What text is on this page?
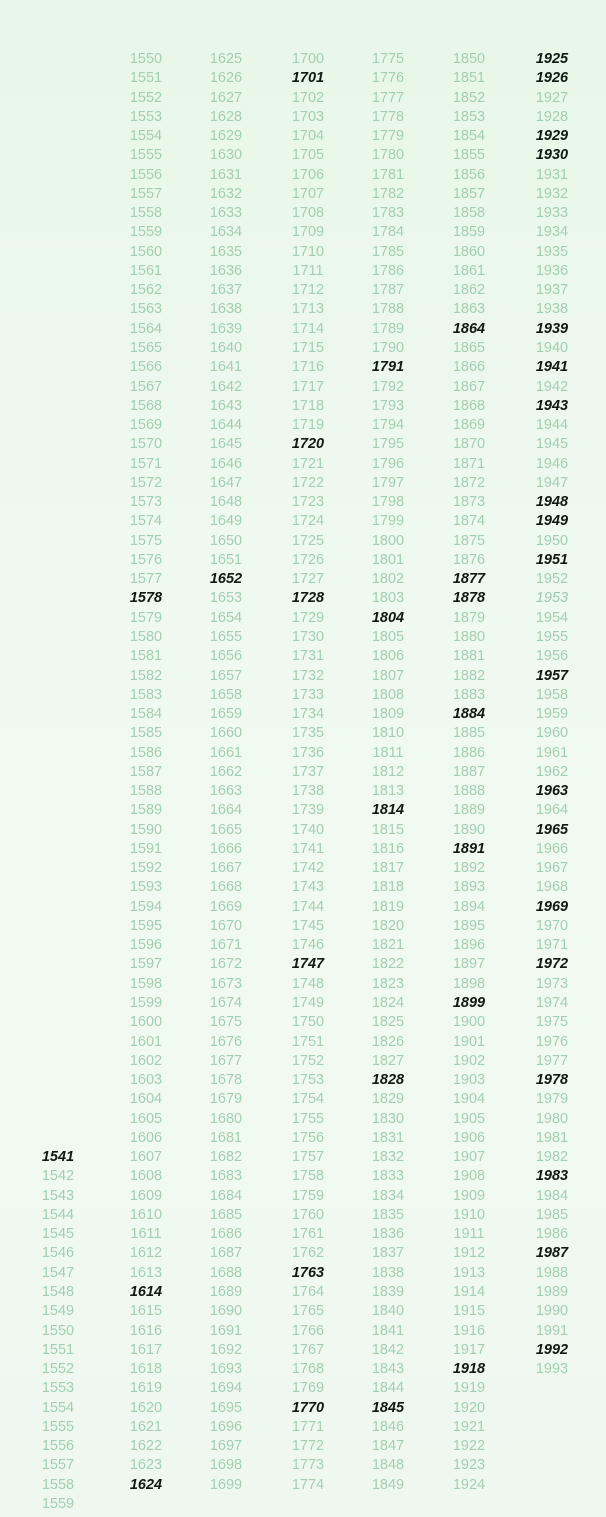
1541
1542
1543
1544
1545
1546
1547
1548
1549
1550
1551
1552
1553
1554
1555
1556
1557
1558
1559
1550
1551
1552
1553
1554
1555
1556
1557
1558
1559
1560
1561
1562
1563
1564
1565
1566
1567
1568
1569
1570
1571
1572
1573
1574
1575
1576
1577
1578
1579
1580
1581
1582
1583
1584
1585
1586
1587
1588
1589
1590
1591
1592
1593
1594
1595
1596
1597
1598
1599
1600
1601
1602
1603
1604
1605
1606
1607
1608
1609
1610
1611
1612
1613
1614
1615
1616
1617
1618
1619
1620
1621
1622
1623
1624
1625
1626
1627
1628
1629
1630
1631
1632
1633
1634
1635
1636
1637
1638
1639
1640
1641
1642
1643
1644
1645
1646
1647
1648
1649
1650
1651
1652
1653
1654
1655
1656
1657
1658
1659
1660
1661
1662
1663
1664
1665
1666
1667
1668
1669
1670
1671
1672
1673
1674
1675
1676
1677
1678
1679
1680
1681
1682
1683
1684
1685
1686
1687
1688
1689
1690
1691
1692
1693
1694
1695
1696
1697
1698
1699
1700
1701
1702
1703
1704
1705
1706
1707
1708
1709
1710
1711
1712
1713
1714
1715
1716
1717
1718
1719
1720
1721
1722
1723
1724
1725
1726
1727
1728
1729
1730
1731
1732
1733
1734
1735
1736
1737
1738
1739
1740
1741
1742
1743
1744
1745
1746
1747
1748
1749
1750
1751
1752
1753
1754
1755
1756
1757
1758
1759
1760
1761
1762
1763
1764
1765
1766
1767
1768
1769
1770
1771
1772
1773
1774
1775
1776
1777
1778
1779
1780
1781
1782
1783
1784
1785
1786
1787
1788
1789
1790
1791
1792
1793
1794
1795
1796
1797
1798
1799
1800
1801
1802
1803
1804
1805
1806
1807
1808
1809
1810
1811
1812
1813
1814
1815
1816
1817
1818
1819
1820
1821
1822
1823
1824
1825
1826
1827
1828
1829
1830
1831
1832
1833
1834
1835
1836
1837
1838
1839
1840
1841
1842
1843
1844
1845
1846
1847
1848
1849
1850
1851
1852
1853
1854
1855
1856
1857
1858
1859
1860
1861
1862
1863
1864
1865
1866
1867
1868
1869
1870
1871
1872
1873
1874
1875
1876
1877
1878
1879
1880
1881
1882
1883
1884
1885
1886
1887
1888
1889
1890
1891
1892
1893
1894
1895
1896
1897
1898
1899
1900
1901
1902
1903
1904
1905
1906
1907
1908
1909
1910
1911
1912
1913
1914
1915
1916
1917
1918
1919
1920
1921
1922
1923
1924
1925
1926
1927
1928
1929
1930
1931
1932
1933
1934
1935
1936
1937
1938
1939
1940
1941
1942
1943
1944
1945
1946
1947
1948
1949
1950
1951
1952
1953
1954
1955
1956
1957
1958
1959
1960
1961
1962
1963
1964
1965
1966
1967
1968
1969
1970
1971
1972
1973
1974
1975
1976
1977
1978
1979
1980
1981
1982
1983
1984
1985
1986
1987
1988
1989
1990
1991
1992
1993
